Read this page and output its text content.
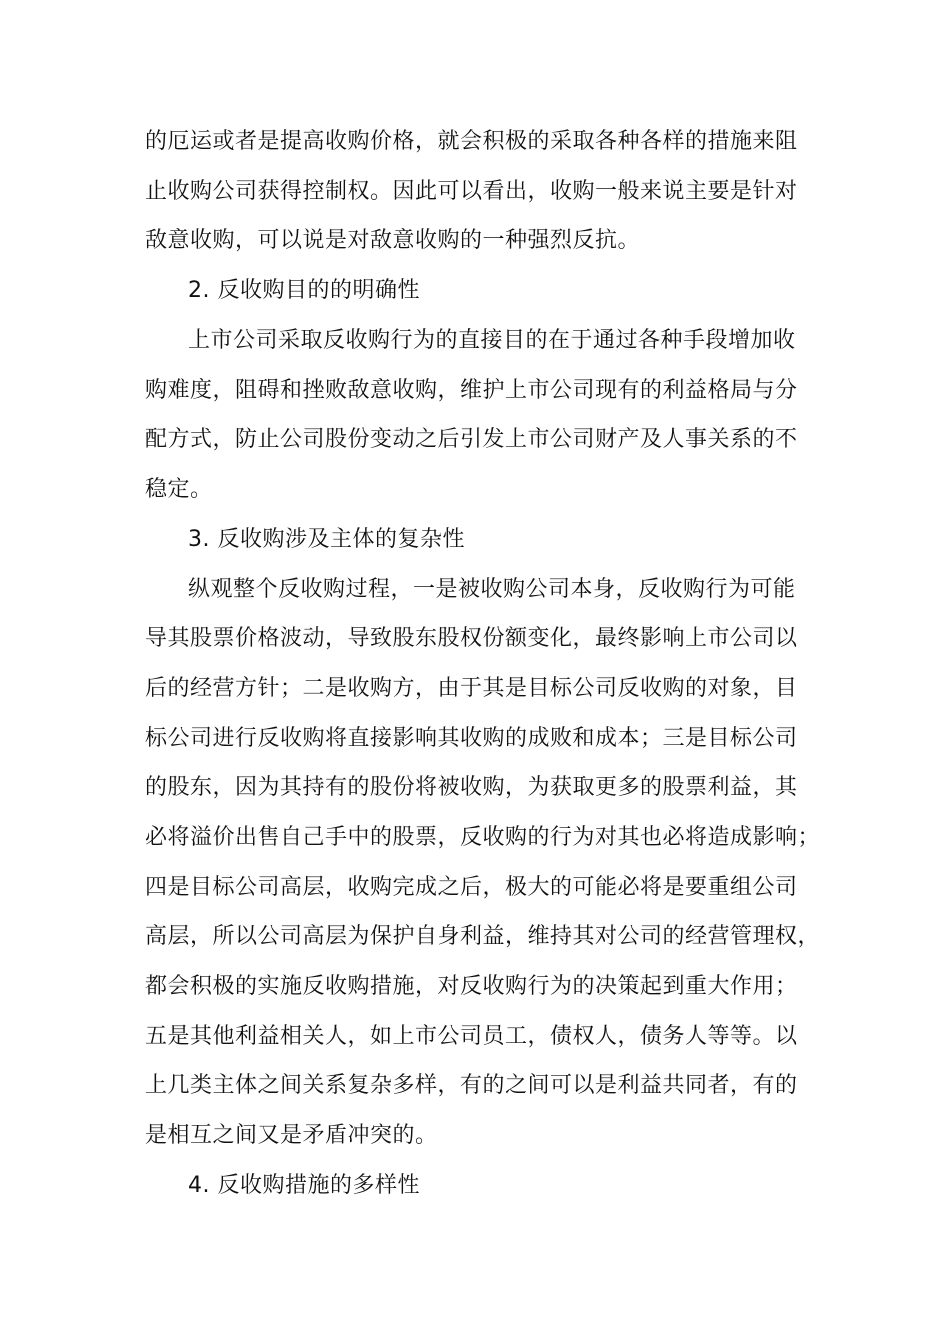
的厄运或者是提高收购价格，就会积极的采取各种各样的措施来阻
止收购公司获得控制权。因此可以看出，收购一般来说主要是针对
敌意收购，可以说是对敌意收购的一种强烈反抗。
2. 反收购目的的明确性
上市公司采取反收购行为的直接目的在于通过各种手段增加收
购难度，阻碍和挫败敌意收购，维护上市公司现有的利益格局与分
配方式，防止公司股份变动之后引发上市公司财产及人事关系的不
稳定。
3. 反收购涉及主体的复杂性
纵观整个反收购过程，一是被收购公司本身，反收购行为可能
导其股票价格波动，导致股东股权份额变化，最终影响上市公司以
后的经营方针；二是收购方，由于其是目标公司反收购的对象，目
标公司进行反收购将直接影响其收购的成败和成本；三是目标公司
的股东，因为其持有的股份将被收购，为获取更多的股票利益，其
必将溢价出售自己手中的股票，反收购的行为对其也必将造成影响；
四是目标公司高层，收购完成之后，极大的可能必将是要重组公司
高层，所以公司高层为保护自身利益，维持其对公司的经营管理权，
都会积极的实施反收购措施，对反收购行为的决策起到重大作用；
五是其他利益相关人，如上市公司员工，债权人，债务人等等。以
上几类主体之间关系复杂多样，有的之间可以是利益共同者，有的
是相互之间又是矛盾冲突的。
4. 反收购措施的多样性
